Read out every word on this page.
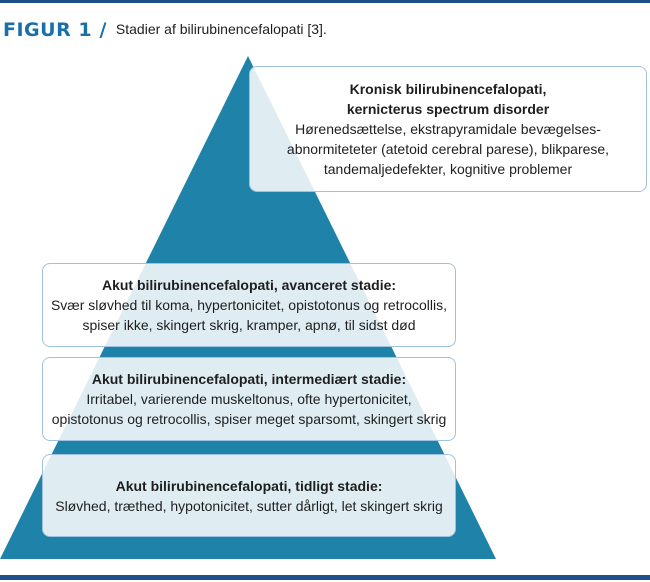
FIGUR 1 / Stadier af bilirubinencefalopati [3].
Kronisk bilirubinencefalopati,
kernicterus spectrum disorder
Hørenedsættelse, ekstrapyramidale bevægelses-
abnormiteteter (atetoid cerebral parese), blikparese,
tandemaljedefekter, kognitive problemer
Akut bilirubinencefalopati, avanceret stadie:
Svær sløvhed til koma, hypertonicitet, opistotonus og retrocollis,
spiser ikke, skingert skrig, kramper, apnø, til sidst død
Akut bilirubinencefalopati, intermediært stadie:
Irritabel, varierende muskeltonus, ofte hypertonicitet,
opistotonus og retrocollis, spiser meget sparsomt, skingert skrig
Akut bilirubinencefalopati, tidligt stadie:
Sløvhed, træthed, hypotonicitet, sutter dårligt, let skingert skrig
